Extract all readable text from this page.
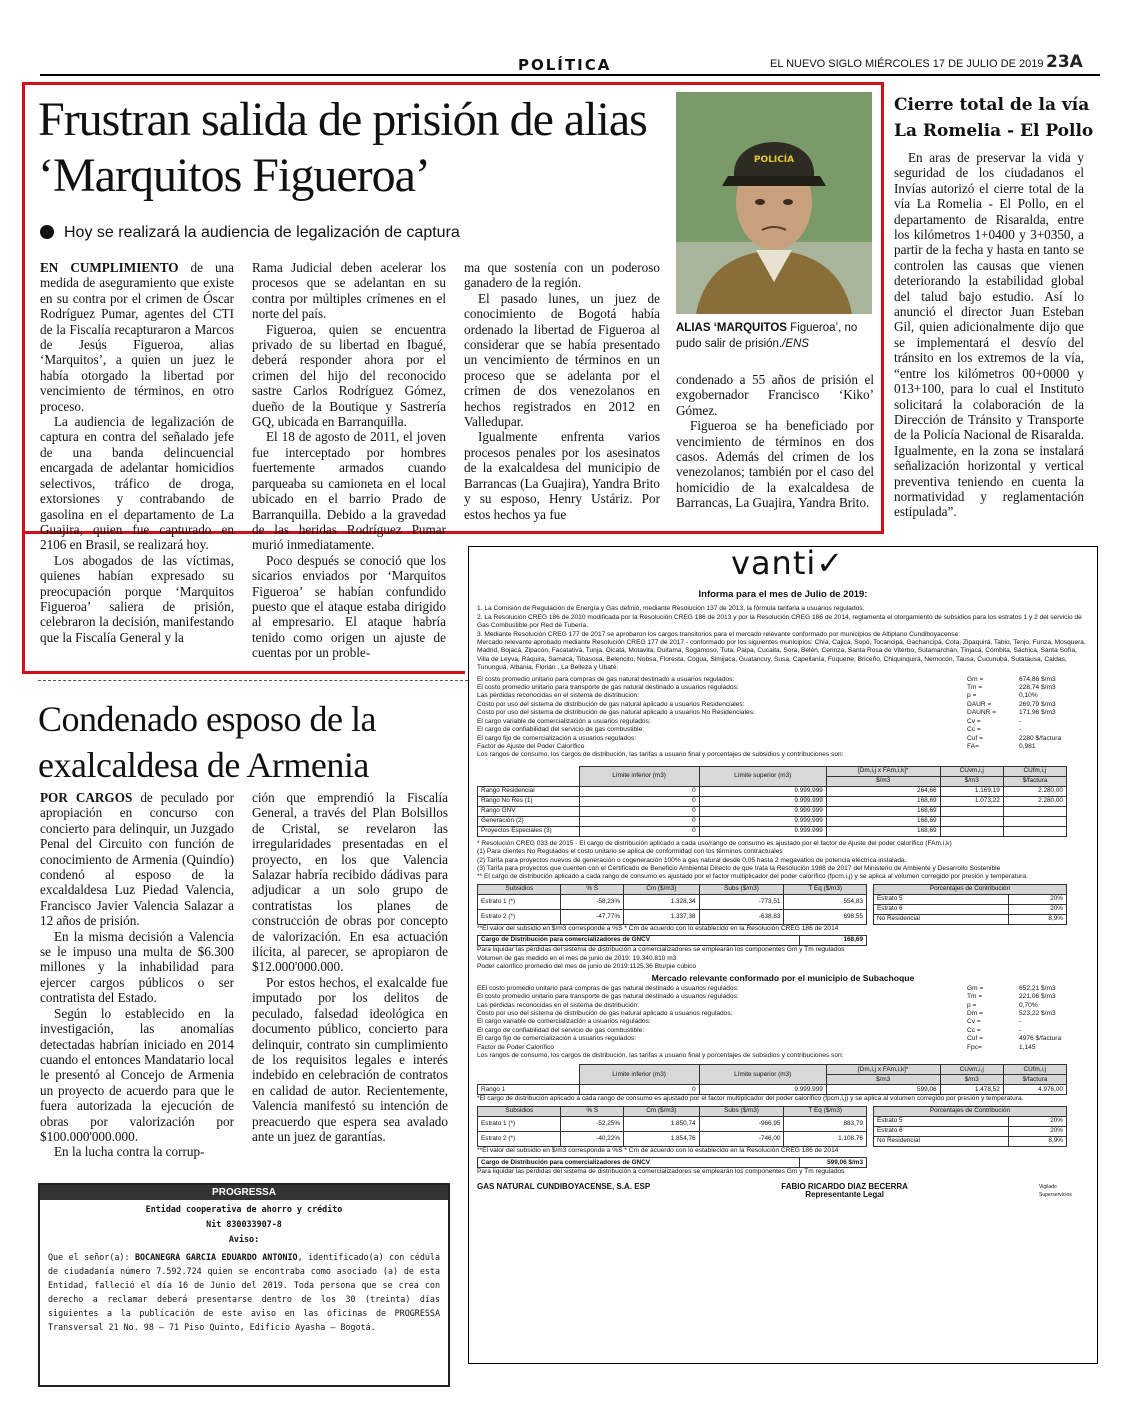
POLÍTICA	EL NUEVO SIGLO MIÉRCOLES 17 DE JULIO DE 2019 23A
Frustran salida de prisión de alias ‘Marquitos Figueroa’
Hoy se realizará la audiencia de legalización de captura

EN CUMPLIMIENTO de una medida de aseguramiento que existe en su contra por el crimen de Óscar Rodríguez Pumar, agentes del CTI de la Fiscalía recapturaron a Marcos de Jesús Figueroa, alias ‘Marquitos’, a quien un juez le había otorgado la libertad por vencimiento de términos, en otro proceso.

La audiencia de legalización de captura en contra del señalado jefe de una banda delincuencial encargada de adelantar homicidios selectivos, tráfico de droga, extorsiones y contrabando de gasolina en el departamento de La Guajira, quien fue capturado en 2106 en Brasil, se realizará hoy.

Los abogados de las víctimas, quienes habían expresado su preocupación porque ‘Marquitos Figueroa’ saliera de prisión, celebraron la decisión, manifestando que la Fiscalía General y la

Rama Judicial deben acelerar los procesos que se adelantan en su contra por múltiples crímenes en el norte del país.

Figueroa, quien se encuentra privado de su libertad en Ibagué, deberá responder ahora por el crimen del hijo del reconocido sastre Carlos Rodríguez Gómez, dueño de la Boutique y Sastrería GQ, ubicada en Barranquilla.

El 18 de agosto de 2011, el joven fue interceptado por hombres fuertemente armados cuando parqueaba su camioneta en el local ubicado en el barrio Prado de Barranquilla. Debido a la gravedad de las heridas Rodríguez Pumar murió inmediatamente.

Poco después se conoció que los sicarios enviados por ‘Marquitos Figueroa’ se habían confundido puesto que el ataque estaba dirigido al empresario. El ataque habría tenido como origen un ajuste de cuentas por un proble-

ma que sostenía con un poderoso ganadero de la región.

El pasado lunes, un juez de conocimiento de Bogotá había ordenado la libertad de Figueroa al considerar que se había presentado un vencimiento de términos en un proceso que se adelanta por el crimen de dos venezolanos en hechos registrados en 2012 en Valledupar.

Igualmente enfrenta varios procesos penales por los asesinatos de la exalcaldesa del municipio de Barrancas (La Guajira), Yandra Brito y su esposo, Henry Ustáriz. Por estos hechos ya fue

POLICÍA
ALIAS ‘MARQUITOS Figueroa’, no pudo salir de prisión./ENS

condenado a 55 años de prisión el exgobernador Francisco ‘Kiko’ Gómez.

Figueroa se ha beneficiado por vencimiento de términos en dos casos. Además del crimen de los venezolanos; también por el caso del homicidio de la exalcaldesa de Barrancas, La Guajira, Yandra Brito.

Cierre total de la vía La Romelia - El Pollo

En aras de preservar la vida y seguridad de los ciudadanos el Invías autorizó el cierre total de la vía La Romelia - El Pollo, en el departamento de Risaralda, entre los kilómetros 1+0400 y 3+0350, a partir de la fecha y hasta en tanto se controlen las causas que vienen deteriorando la estabilidad global del talud bajo estudio. Así lo anunció el director Juan Esteban Gil, quien adicionalmente dijo que se implementará el desvío del tránsito en los extremos de la vía, “entre los kilómetros 00+0000 y 013+100, para lo cual el Instituto solicitará la colaboración de la Dirección de Tránsito y Transporte de la Policía Nacional de Risaralda. Igualmente, en la zona se instalará señalización horizontal y vertical preventiva teniendo en cuenta la normatividad y reglamentación estipulada”.

Condenado esposo de la exalcaldesa de Armenia

POR CARGOS de peculado por apropiación en concurso con concierto para delinquir, un Juzgado Penal del Circuito con función de conocimiento de Armenia (Quindío) condenó al esposo de la excaldaldesa Luz Piedad Valencia, Francisco Javier Valencia Salazar a 12 años de prisión.

En la misma decisión a Valencia se le impuso una multa de $6.300 millones y la inhabilidad para ejercer cargos públicos o ser contratista del Estado.

Según lo establecido en la investigación, las anomalías detectadas habrían iniciado en 2014 cuando el entonces Mandatario local le presentó al Concejo de Armenia un proyecto de acuerdo para que le fuera autorizada la ejecución de obras por valorización por $100.000'000.000.

En la lucha contra la corrup-

ción que emprendió la Fiscalía General, a través del Plan Bolsillos de Cristal, se revelaron las irregularidades presentadas en el proyecto, en los que Valencia Salazar habría recibido dádivas para adjudicar a un solo grupo de contratistas los planes de construcción de obras por concepto de valorización. En esa actuación ilícita, al parecer, se apropiaron de $12.000'000.000.

Por estos hechos, el exalcalde fue imputado por los delitos de peculado, falsedad ideológica en documento público, concierto para delinquir, contrato sin cumplimiento de los requisitos legales e interés indebido en celebración de contratos en calidad de autor. Recientemente, Valencia manifestó su intención de preacuerdo que espera sea avalado ante un juez de garantías.

PROGRESSA
Entidad cooperativa de ahorro y crédito
Nit 830033907-8
Aviso:
Que el señor(a): BOCANEGRA GARCIA EDUARDO ANTONIO, identificado(a) con cédula de ciudadanía número 7.592.724 quien se encontraba como asociado (a) de esta Entidad, falleció el día 16 de Junio del 2019. Toda persona que se crea con derecho a reclamar deberá presentarse dentro de los 30 (treinta) días siguientes a la publicación de este aviso en las oficinas de PROGRESSA Transversal 21 No. 98 – 71 Piso Quinto, Edificio Ayasha – Bogotá.
vanti✓
Informa para el mes de Julio de 2019:
1. La Comisión de Regulación de Energía y Gas definió, mediante Resolución 137 de 2013, la fórmula tarifaria a usuarios regulados.
2. La Resolución CREG 186 de 2010 modificada por la Resolución CREG 186 de 2013 y por la Resolución CREG 186 de 2014, reglamenta el otorgamiento de subsidios para los estratos 1 y 2 del servicio de Gas Combustible por Red de Tubería.
3. Mediante Resolución CREG 177 de 2017 se aprobaron los cargos transitorios para el mercado relevante conformado por municipios de Altiplano Cundiboyacense:
Mercado relevante aprobado mediante Resolución CREG 177 de 2017 - conformado por los siguientes municipios: Chía, Cajicá, Sopó, Tocancipá, Gachancipá, Cota, Zipaquirá, Tabio, Tenjo, Funza, Mosquera, Madrid, Bojacá, Zipacón, Facatativá, Tunja, Oicatá, Motavita, Duitama, Sogamoso, Tuta, Paipa, Cucaita, Sora, Belén, Cerinza, Santa Rosa de Viterbo, Sutamarchán, Tinjacá, Cómbita, Sáchica, Santa Sofía, Villa de Leyva, Ráquira, Samacá, Tibasosa, Belencito, Nobsa, Floresta, Cogua, Simijaca, Guatancuy, Susa, Capellanía, Fúquene, Briceño, Chiquinquirá, Nemocón, Tausa, Cucunubá, Sutatausa, Caldas, Tununguá, Albania, Florián , La Belleza y Ubaté:
El costo promedio unitario para compras de gas natural destinado a usuarios regulados:	Gm =	674,86 $/m3
El costo promedio unitario para transporte de gas natural destinado a usuarios regulados:	Tm =	228,74 $/m3
Las pérdidas reconocidas en el sistema de distribución:	p =	0,10%
Costo por uso del sistema de distribución de gas natural aplicado a usuarios Residenciales:	DAUR =	269,79 $/m3
Costo por uso del sistema de distribución de gas natural aplicado a usuarios No Residenciales:	DAUNR =	171,96 $/m3
El cargo variable de comercialización a usuarios regulados:	Cv =	-
El cargo de confiabilidad del servicio de gas combustible:	Cc =	-
El cargo fijo de comercialización a usuarios regulados:	Cuf =	2280 $/factura
Factor de Ajuste del Poder Calorífico	FA=	0,981
Los rangos de consumo, los cargos de distribución, las tarifas a usuario final y porcentajes de subsidios y contribuciones son:
	Límite inferior (m3)	Límite superior (m3)	[Dm,i,j x FAm,i,k]*	CUvm,i,j	CUfm,i,j
			$/m3	$/m3	$/factura
Rango Residencial	0	9.999.999	264,66	1.169,19	2.280,00
Rango No Res (1)	0	9.999.999	168,69	1.073,22	2.280,00
Rango GNV	0	9.999.999	168,69		
Generación (2)	0	9.999.999	168,69		
Proyectos Especiales (3)	0	9.999.999	168,69		
* Resolución CREG 033 de 2015 - El cargo de distribución aplicado a cada uso/rango de consumo es ajustado por el factor de Ajuste del poder calorífico (FAm,i,k)
(1) Para clientes No Regulados el costo unitario se aplica de conformidad con los términos contractuales
(2) Tarifa para proyectos nuevos de generación o cogeneración 100% a gas natural desde 0,05 hasta 2 megavatios de potencia eléctrica instalada.
(3) Tarifa para proyectos que cuenten con el Certificado de Beneficio Ambiental Directo de que trata la Resolución 1988 de 2017 del Ministerio de Ambiente y Desarrollo Sostenible
** El cargo de distribución aplicado a cada rango de consumo es ajustado por el factor multiplicador del poder calorífico (fpcm,i,j) y se aplica al volumen corregido por presión y temperatura.
Subsidios	% S	Cm ($/m3)	Subs ($/m3)	T Eq ($/m3)
Estrato 1 (*)	-58,23%	1.328,34	-773,51	554,83
Estrato 2 (*)	-47,77%	1.337,38	-638,83	698,55
Porcentajes de Contribución	
Estrato 5	20%
Estrato 6	20%
No Residencial	8,9%
**El valor del subsidio en $/m3 corresponde a %S * Cm de acuerdo con lo establecido en la Resolución CREG 186 de 2014
Cargo de Distribución para comercializadores de GNCV	168,69
Para liquidar las pérdidas del sistema de distribución a comercializadores se emplearán los componentes Gm y Tm regulados
Volumen de gas medido en el mes de junio de 2019: 19.340.810 m3
Poder calorífico promedio del mes de junio de 2019:1125,36 Btu/pie cúbico
Mercado relevante conformado por el municipio de Subachoque
EEl costo promedio unitario para compras de gas natural destinado a usuarios regulados:	Gm =	652,21 $/m3
El costo promedio unitario para transporte de gas natural destinado a usuarios regulados:	Tm =	221,06 $/m3
Las pérdidas reconocidas en el sistema de distribución:	p =	0,70%
Costo por uso del sistema de distribución de gas natural aplicado a usuarios regulados:	Dm =	523,22 $/m3
El cargo variable de comercialización a usuarios regulados:	Cv =	-
El cargo de confiabilidad del servicio de gas combustible:	Cc =	-
El cargo fijo de comercialización a usuarios regulados:	Cuf =	4976 $/factura
Factor de Poder Calorífico	Fpc=	1,145
Los rangos de consumo, los cargos de distribución, las tarifas a usuario final y porcentajes de subsidios y contribuciones son:
	Límite inferior (m3)	Límite superior (m3)	[Dm,i,j x FAm,i,k]*	CUvm,i,j	CUfm,i,j
			$/m3	$/m3	$/factura
Rango 1	0	9.999.999	599,06	1.478,52	4.976,00
*El cargo de distribución aplicado a cada rango de consumo es ajustado por el factor multiplicador del poder calorífico (fpcm,i,j) y se aplica al volumen corregido por presión y temperatura.
Subsidios	% S	Cm ($/m3)	Subs ($/m3)	T Eq ($/m3)
Estrato 1 (*)	-52,25%	1.850,74	-966,95	883,79
Estrato 2 (*)	-40,22%	1.854,76	-746,00	1.108,76
Porcentajes de Contribución	
Estrato 5	20%
Estrato 6	20%
No Residencial	8,9%
**El valor del subsidio en $/m3 corresponde a %S * Cm de acuerdo con lo establecido en la Resolución CREG 186 de 2014
Cargo de Distribución para comercializadores de GNCV	599,06 $/m3
Para liquidar las pérdidas del sistema de distribución a comercializadores se emplearán los componentes Gm y Tm regulados
GAS NATURAL CUNDIBOYACENSE, S.A. ESP	FABIO RICARDO DIAZ BECERRA
Representante Legal
Vigilado Superservicios
